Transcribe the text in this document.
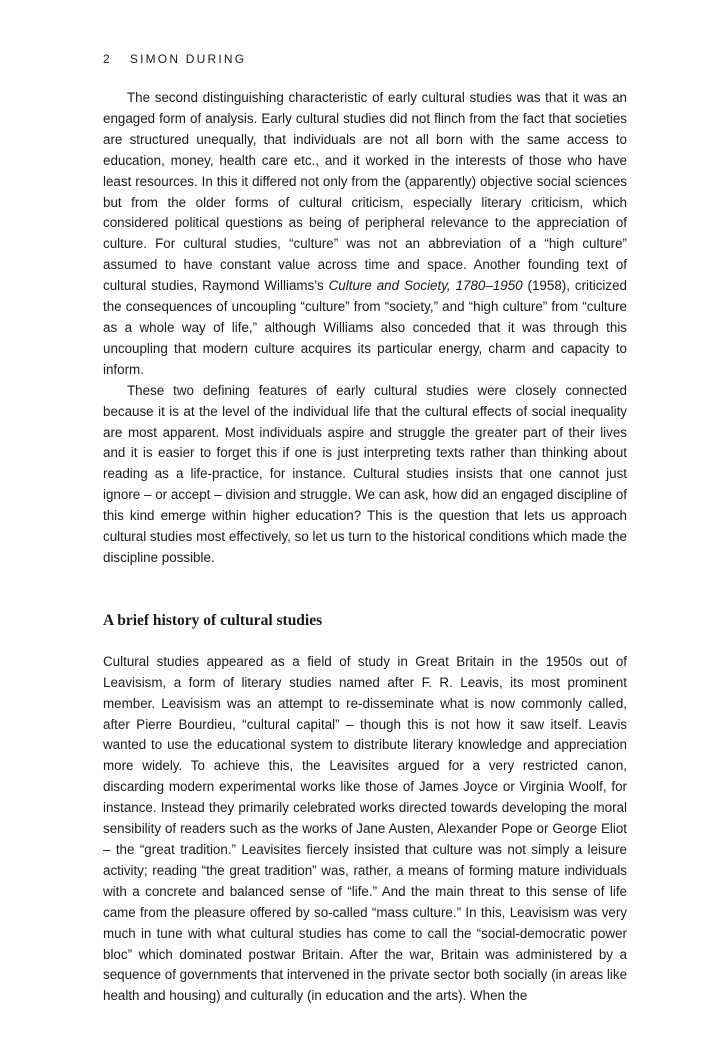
2 SIMON DURING

The second distinguishing characteristic of early cultural studies was that it was an engaged form of analysis. Early cultural studies did not flinch from the fact that societies are structured unequally, that individuals are not all born with the same access to education, money, health care etc., and it worked in the interests of those who have least resources. In this it differed not only from the (apparently) objective social sciences but from the older forms of cultural criticism, especially literary criticism, which considered political questions as being of peripheral relevance to the appreciation of culture. For cultural studies, “culture” was not an abbreviation of a “high culture” assumed to have constant value across time and space. Another founding text of cultural studies, Raymond Williams’s Culture and Society, 1780–1950 (1958), criticized the consequences of uncoupling “culture” from “society,” and “high culture” from “culture as a whole way of life,” although Williams also conceded that it was through this uncoupling that modern culture acquires its particular energy, charm and capacity to inform.

These two defining features of early cultural studies were closely connected because it is at the level of the individual life that the cultural effects of social inequality are most apparent. Most individuals aspire and struggle the greater part of their lives and it is easier to forget this if one is just interpreting texts rather than thinking about reading as a life-practice, for instance. Cultural studies insists that one cannot just ignore – or accept – division and struggle. We can ask, how did an engaged discipline of this kind emerge within higher education? This is the question that lets us approach cultural studies most effectively, so let us turn to the historical conditions which made the discipline possible.

A brief history of cultural studies

Cultural studies appeared as a field of study in Great Britain in the 1950s out of Leavisism, a form of literary studies named after F. R. Leavis, its most prominent member. Leavisism was an attempt to re-disseminate what is now commonly called, after Pierre Bourdieu, “cultural capital” – though this is not how it saw itself. Leavis wanted to use the educational system to distribute literary knowledge and appreciation more widely. To achieve this, the Leavisites argued for a very restricted canon, discarding modern experimental works like those of James Joyce or Virginia Woolf, for instance. Instead they primarily celebrated works directed towards developing the moral sensibility of readers such as the works of Jane Austen, Alexander Pope or George Eliot – the “great tradition.” Leavisites fiercely insisted that culture was not simply a leisure activity; reading “the great tradition” was, rather, a means of forming mature individuals with a concrete and balanced sense of “life.” And the main threat to this sense of life came from the pleasure offered by so-called “mass culture.” In this, Leavisism was very much in tune with what cultural studies has come to call the “social-democratic power bloc” which dominated postwar Britain. After the war, Britain was administered by a sequence of governments that intervened in the private sector both socially (in areas like health and housing) and culturally (in education and the arts). When the
